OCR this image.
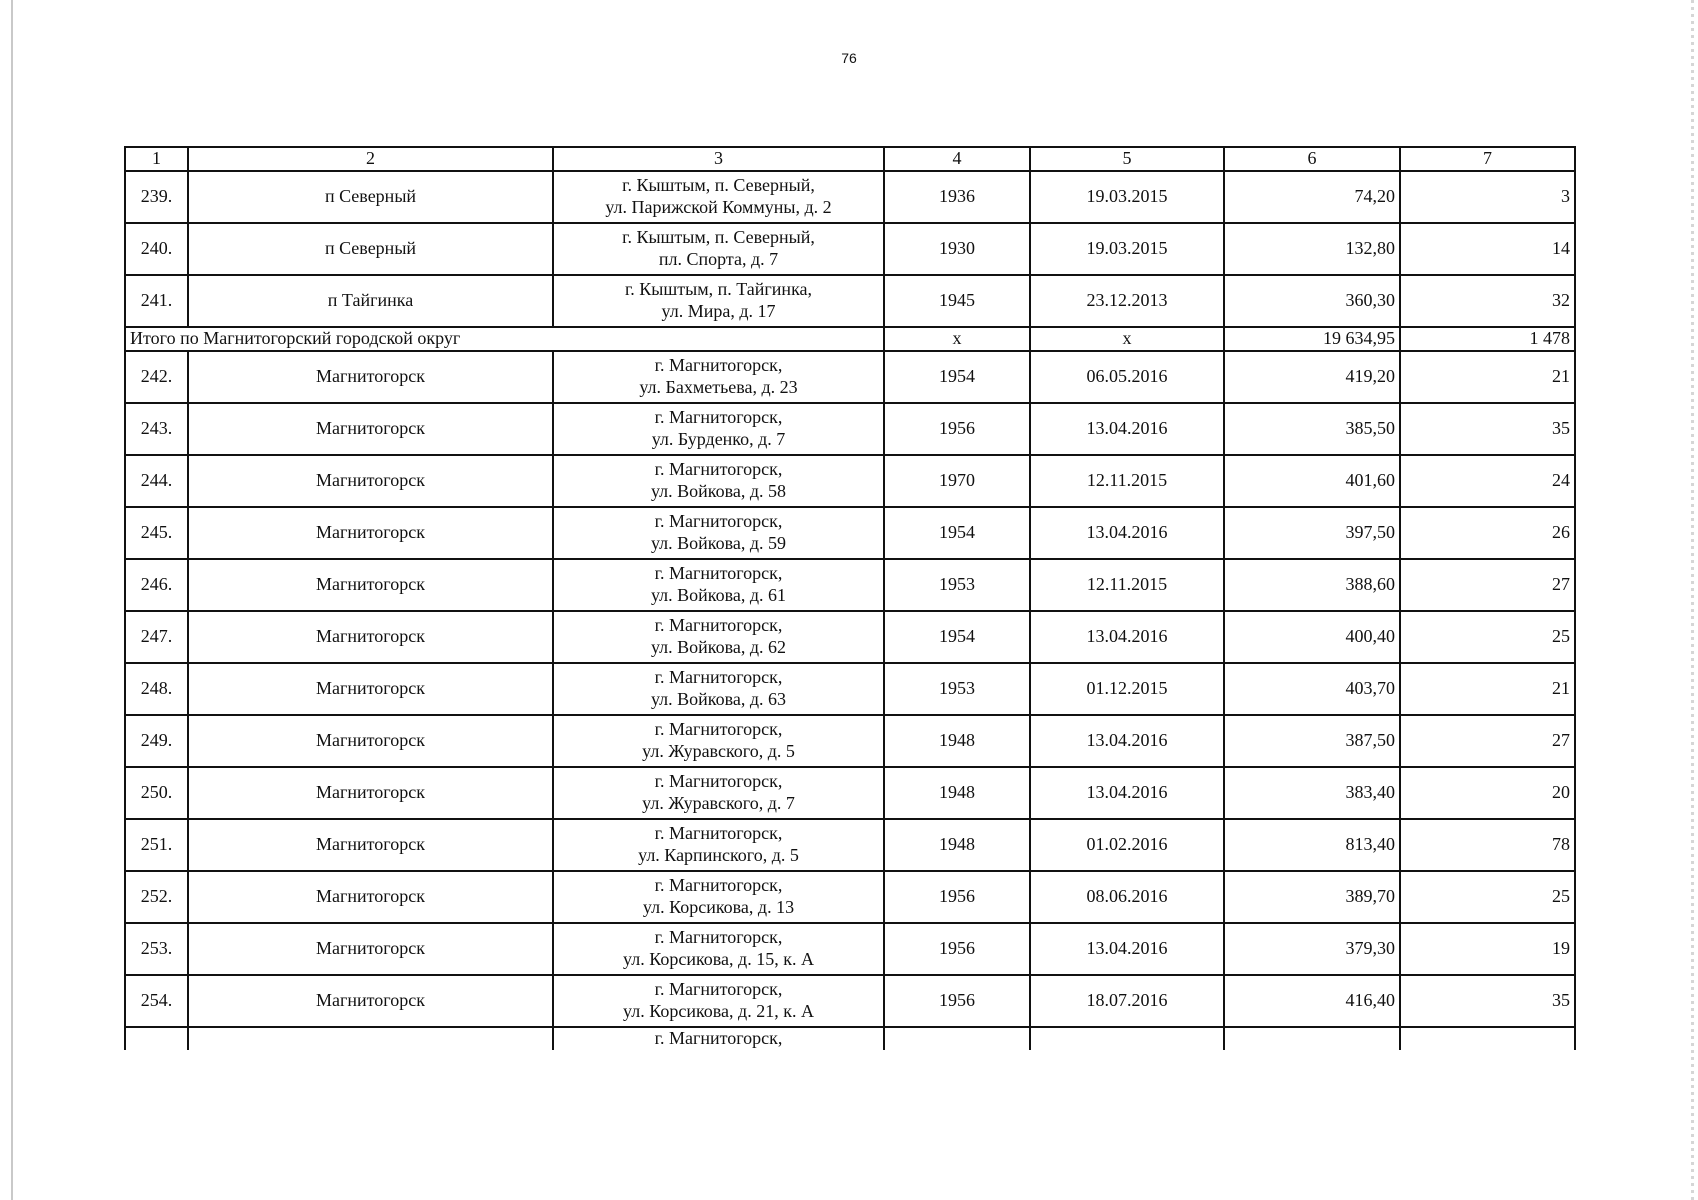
76
1	2	3	4	5	6	7
239.	п Северный	г. Кыштым, п. Северный,
ул. Парижской Коммуны, д. 2	1936	19.03.2015	74,20	3
240.	п Северный	г. Кыштым, п. Северный,
пл. Спорта, д. 7	1930	19.03.2015	132,80	14
241.	п Тайгинка	г. Кыштым, п. Тайгинка,
ул. Мира, д. 17	1945	23.12.2013	360,30	32
Итого по Магнитогорский городской округ			х	х	19 634,95	1 478
242.	Магнитогорск	г. Магнитогорск,
ул. Бахметьева, д. 23	1954	06.05.2016	419,20	21
243.	Магнитогорск	г. Магнитогорск,
ул. Бурденко, д. 7	1956	13.04.2016	385,50	35
244.	Магнитогорск	г. Магнитогорск,
ул. Войкова, д. 58	1970	12.11.2015	401,60	24
245.	Магнитогорск	г. Магнитогорск,
ул. Войкова, д. 59	1954	13.04.2016	397,50	26
246.	Магнитогорск	г. Магнитогорск,
ул. Войкова, д. 61	1953	12.11.2015	388,60	27
247.	Магнитогорск	г. Магнитогорск,
ул. Войкова, д. 62	1954	13.04.2016	400,40	25
248.	Магнитогорск	г. Магнитогорск,
ул. Войкова, д. 63	1953	01.12.2015	403,70	21
249.	Магнитогорск	г. Магнитогорск,
ул. Журавского, д. 5	1948	13.04.2016	387,50	27
250.	Магнитогорск	г. Магнитогорск,
ул. Журавского, д. 7	1948	13.04.2016	383,40	20
251.	Магнитогорск	г. Магнитогорск,
ул. Карпинского, д. 5	1948	01.02.2016	813,40	78
252.	Магнитогорск	г. Магнитогорск,
ул. Корсикова, д. 13	1956	08.06.2016	389,70	25
253.	Магнитогорск	г. Магнитогорск,
ул. Корсикова, д. 15, к. А	1956	13.04.2016	379,30	19
254.	Магнитогорск	г. Магнитогорск,
ул. Корсикова, д. 21, к. А	1956	18.07.2016	416,40	35
		г. Магнитогорск,				
